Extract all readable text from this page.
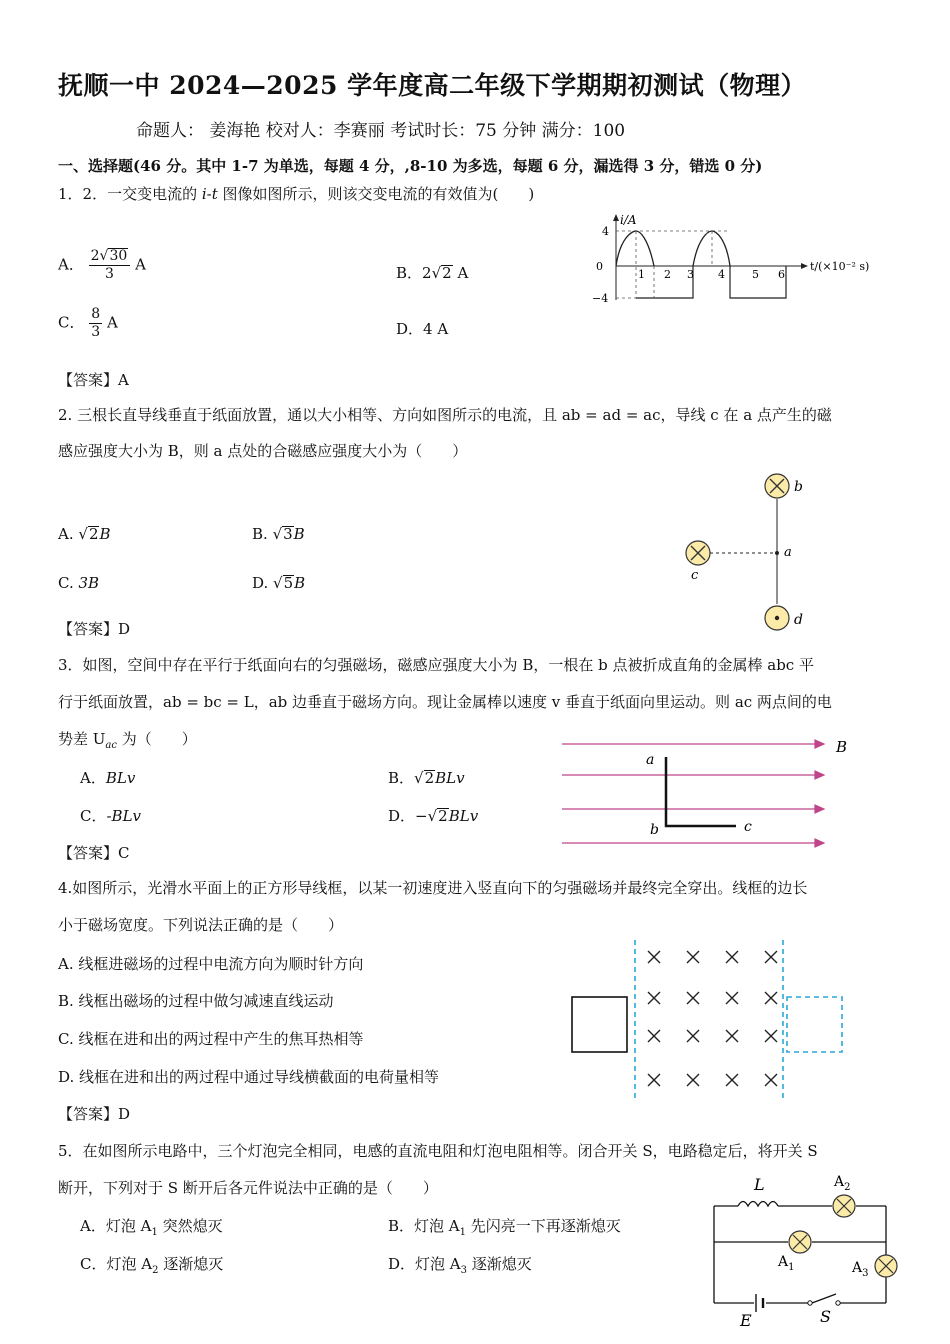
抚顺一中 2024—2025 学年度高二年级下学期期初测试（物理）
命题人： 姜海艳 校对人：李赛丽 考试时长：75 分钟 满分：100
一、选择题(46 分。其中 1-7 为单选，每题 4 分，,8-10 为多选，每题 6 分，漏选得 3 分，错选 0 分)
1．2．一交变电流的 i-t 图像如图所示，则该交变电流的有效值为(　　)
A． $\frac{2√30}{3}$ A	B．2√2 A
C． $\frac{8}{3}$ A	D．4 A
【答案】A
i/A
t/(×10⁻² s)
4
0
−4
1 2 3 4 5 6
2. 三根长直导线垂直于纸面放置，通以大小相等、方向如图所示的电流，且 ab = ad = ac，导线 c 在 a 点产生的磁
感应强度大小为 B，则 a 点处的合磁感应强度大小为（　　）
A. √2B	B. √3B
C. 3B	D. √5B
【答案】D
b
a
c
d
3．如图，空间中存在平行于纸面向右的匀强磁场，磁感应强度大小为 B，一根在 b 点被折成直角的金属棒 abc 平
行于纸面放置，ab = bc = L，ab 边垂直于磁场方向。现让金属棒以速度 v 垂直于纸面向里运动。则 ac 两点间的电
势差 $U_{ac}$ 为（　　）
A．BLv	B．√2BLv
C．-BLv	D．−√2BLv
【答案】C
B
a
b	c
4.如图所示，光滑水平面上的正方形导线框，以某一初速度进入竖直向下的匀强磁场并最终完全穿出。线框的边长
小于磁场宽度。下列说法正确的是（　　）
A. 线框进磁场的过程中电流方向为顺时针方向
B. 线框出磁场的过程中做匀减速直线运动
C. 线框在进和出的两过程中产生的焦耳热相等
D. 线框在进和出的两过程中通过导线横截面的电荷量相等
【答案】D
5．在如图所示电路中，三个灯泡完全相同，电感的直流电阻和灯泡电阻相等。闭合开关 S，电路稳定后，将开关 S
断开，下列对于 S 断开后各元件说法中正确的是（　　）
A．灯泡 $A_1$ 突然熄灭	B．灯泡 $A_1$ 先闪亮一下再逐渐熄灭
C．灯泡 $A_2$ 逐渐熄灭	D．灯泡 $A_3$ 逐渐熄灭
L	$A_2$
$A_1$	$A_3$
E	S
